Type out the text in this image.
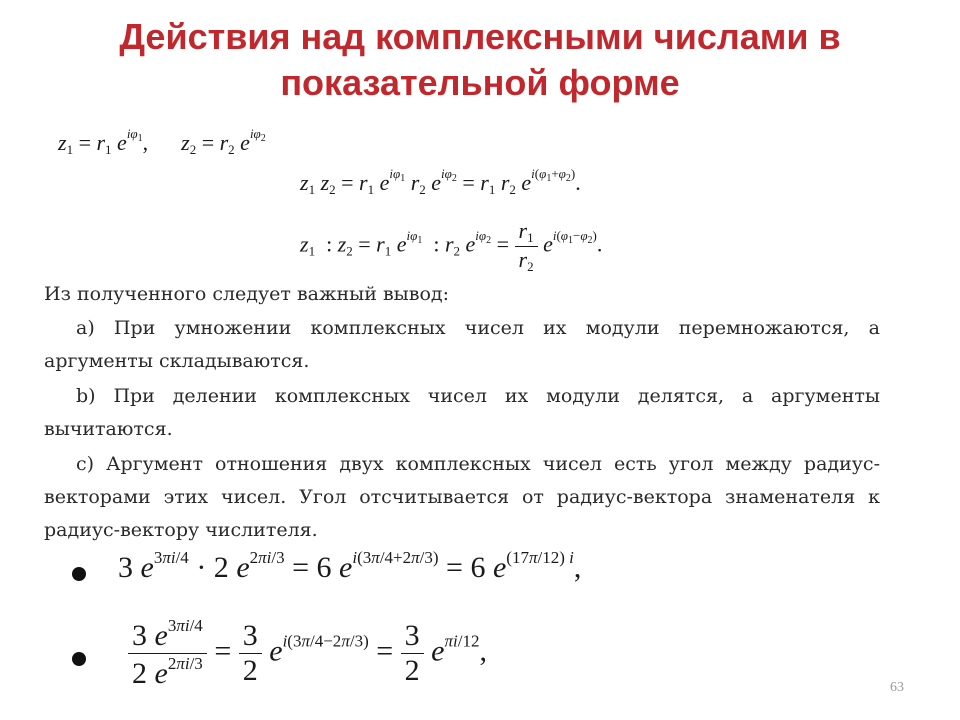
Действия над комплексными числами в
показательной форме
$z_1 = r_1$ $e^{i\varphi_1}$,      $z_2 = r_2$ $e^{i\varphi_2}$
$z_1$ $z_2 = r_1$ $e^{i\varphi_1}$ $r_2$ $e^{i\varphi_2} = r_1$ $r_2$ $e^{i(\varphi_1+\varphi_2)}$.
$z_1$  : $z_2 = r_1$ $e^{i\varphi_1}$  : $r_2$ $e^{i\varphi_2} = \frac{r_1}{r_2} e^{i(\varphi_1-\varphi_2)}$.
Из полученного следует важный вывод:
a) При умножении комплексных чисел их модули перемножаются, а аргументы складываются.
b) При делении комплексных чисел их модули делятся, а аргументы вычитаются.
c) Аргумент отношения двух комплексных чисел есть угол между радиус-векторами этих чисел. Угол отсчитывается от радиус-вектора знаменателя к радиус-вектору числителя.
3 $e^{3\pi i/4} \cdot 2$ $e^{2\pi i/3} = 6$ $e^{i(3\pi/4+2\pi/3)} = 6$ $e^{(17\pi/12) i}$,
$\frac{3 e^{3\pi i/4}}{2 e^{2\pi i/3}} = \frac{3}{2} e^{i(3\pi/4-2\pi/3)} = \frac{3}{2} e^{\pi i/12}$,
63
